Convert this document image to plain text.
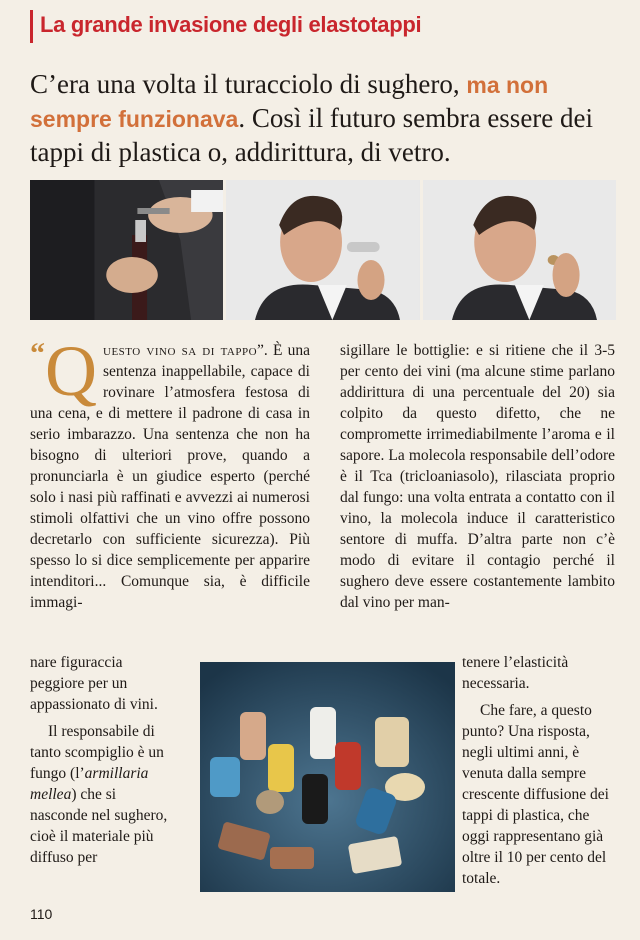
La grande invasione degli elastotappi
C’era una volta il turacciolo di sughero, ma non sempre funzionava. Così il futuro sembra essere dei tappi di plastica o, addirittura, di vetro.

“ Q uesto vino sa di tappo”. È una sentenza inappellabile, capace di rovinare l’atmosfera festosa di una cena, e di mettere il padrone di casa in serio imbarazzo. Una sentenza che non ha bisogno di ulteriori prove, quando a pronunciarla è un giudice esperto (perché solo i nasi più raffinati e avvezzi ai numerosi stimoli olfattivi che un vino offre possono decretarlo con sufficiente sicurezza). Più spesso lo si dice semplicemente per apparire intenditori... Comunque sia, è difficile immagi-

nare figuraccia peggiore per un appassionato di vini.

Il responsabile di tanto scompiglio è un fungo (l’armillaria mellea) che si nasconde nel sughero, cioè il materiale più diffuso per

sigillare le bottiglie: e si ritiene che il 3-5 per cento dei vini (ma alcune stime parlano addirittura di una percentuale del 20) sia colpito da questo difetto, che ne compromette irrimediabilmente l’aroma e il sapore. La molecola responsabile dell’odore è il Tca (tricloaniasolo), rilasciata proprio dal fungo: una volta entrata a contatto con il vino, la molecola induce il caratteristico sentore di muffa. D’altra parte non c’è modo di evitare il contagio perché il sughero deve essere costantemente lambito dal vino per man-

tenere l’elasticità necessaria.

Che fare, a questo punto? Una risposta, negli ultimi anni, è venuta dalla sempre crescente diffusione dei tappi di plastica, che oggi rappresentano già oltre il 10 per cento del totale.

110
